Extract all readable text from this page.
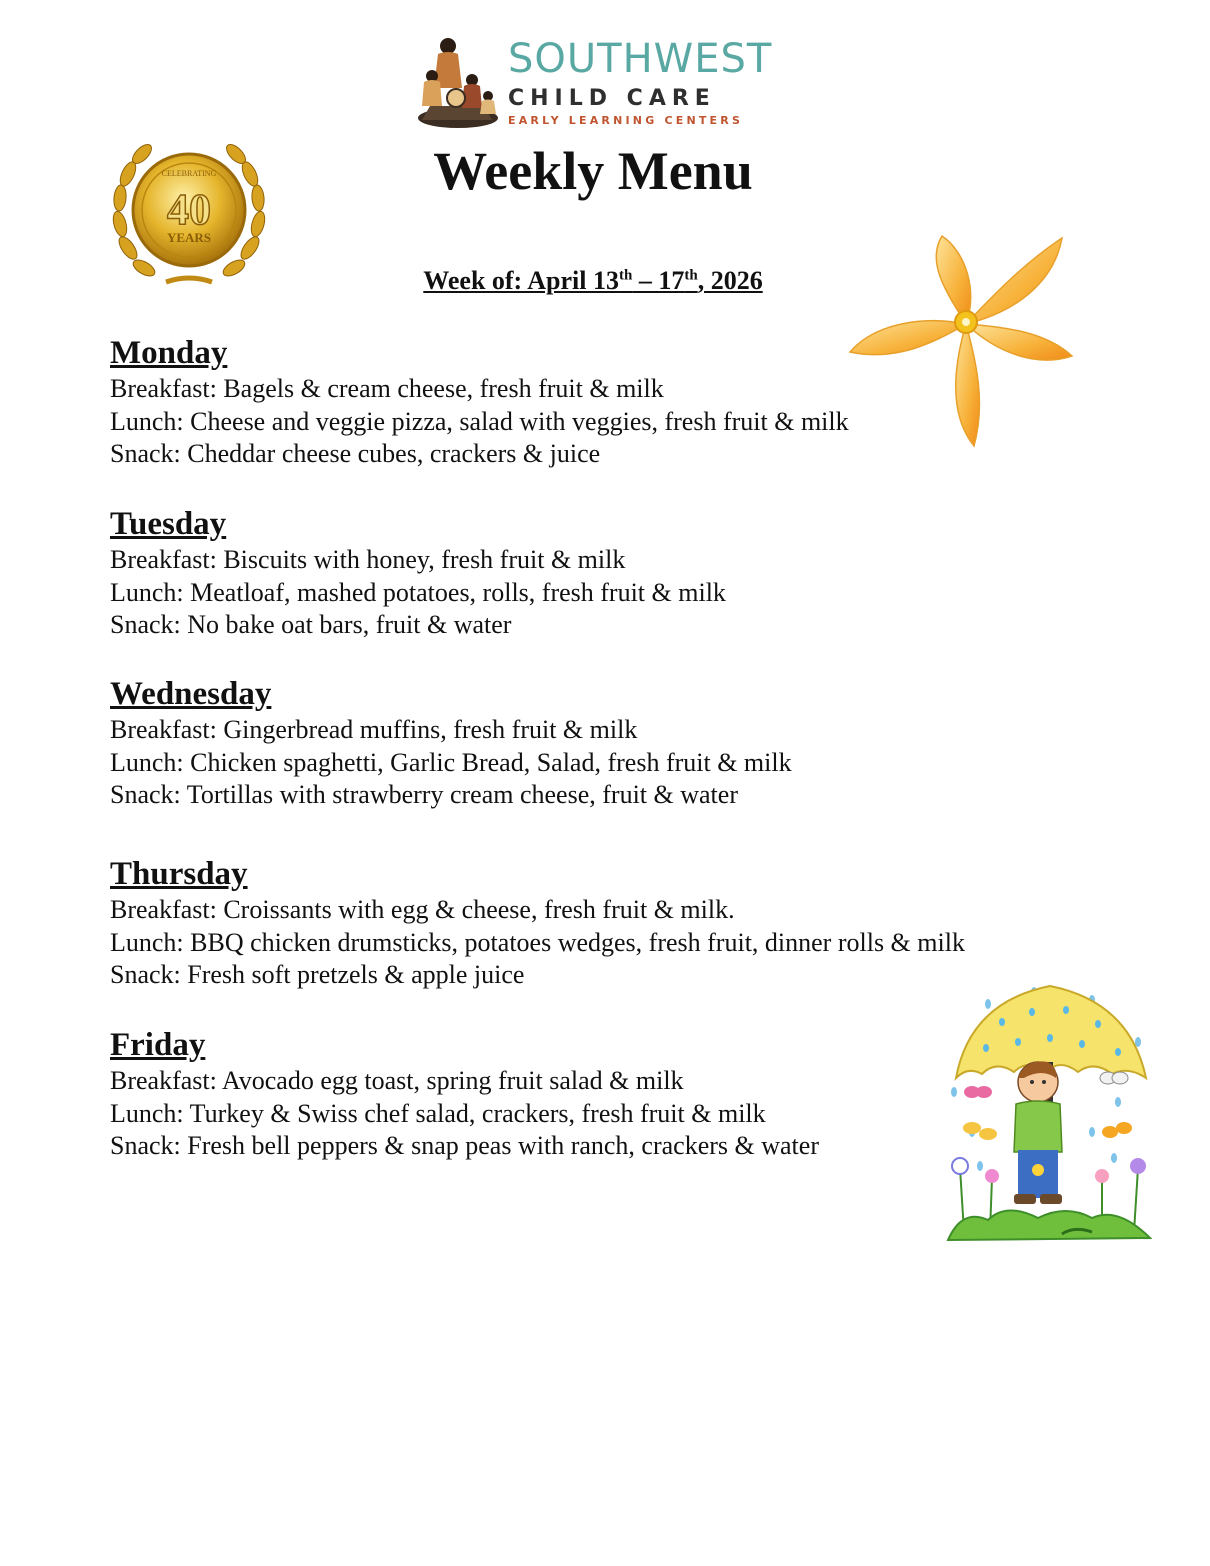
SOUTHWEST
CHILD CARE
EARLY LEARNING CENTERS
CELEBRATING
40
YEARS
Weekly Menu
Week of: April 13th – 17th, 2026
Monday

Breakfast: Bagels & cream cheese, fresh fruit & milk

Lunch: Cheese and veggie pizza, salad with veggies, fresh fruit & milk

Snack: Cheddar cheese cubes, crackers & juice

Tuesday

Breakfast: Biscuits with honey, fresh fruit & milk

Lunch: Meatloaf, mashed potatoes, rolls, fresh fruit & milk

Snack: No bake oat bars, fruit & water

Wednesday

Breakfast: Gingerbread muffins, fresh fruit & milk

Lunch: Chicken spaghetti, Garlic Bread, Salad, fresh fruit & milk

Snack: Tortillas with strawberry cream cheese, fruit & water

Thursday

Breakfast: Croissants with egg & cheese, fresh fruit & milk.

Lunch: BBQ chicken drumsticks, potatoes wedges, fresh fruit, dinner rolls & milk

Snack: Fresh soft pretzels & apple juice

Friday

Breakfast: Avocado egg toast, spring fruit salad & milk

Lunch: Turkey & Swiss chef salad, crackers, fresh fruit & milk

Snack: Fresh bell peppers & snap peas with ranch, crackers & water
